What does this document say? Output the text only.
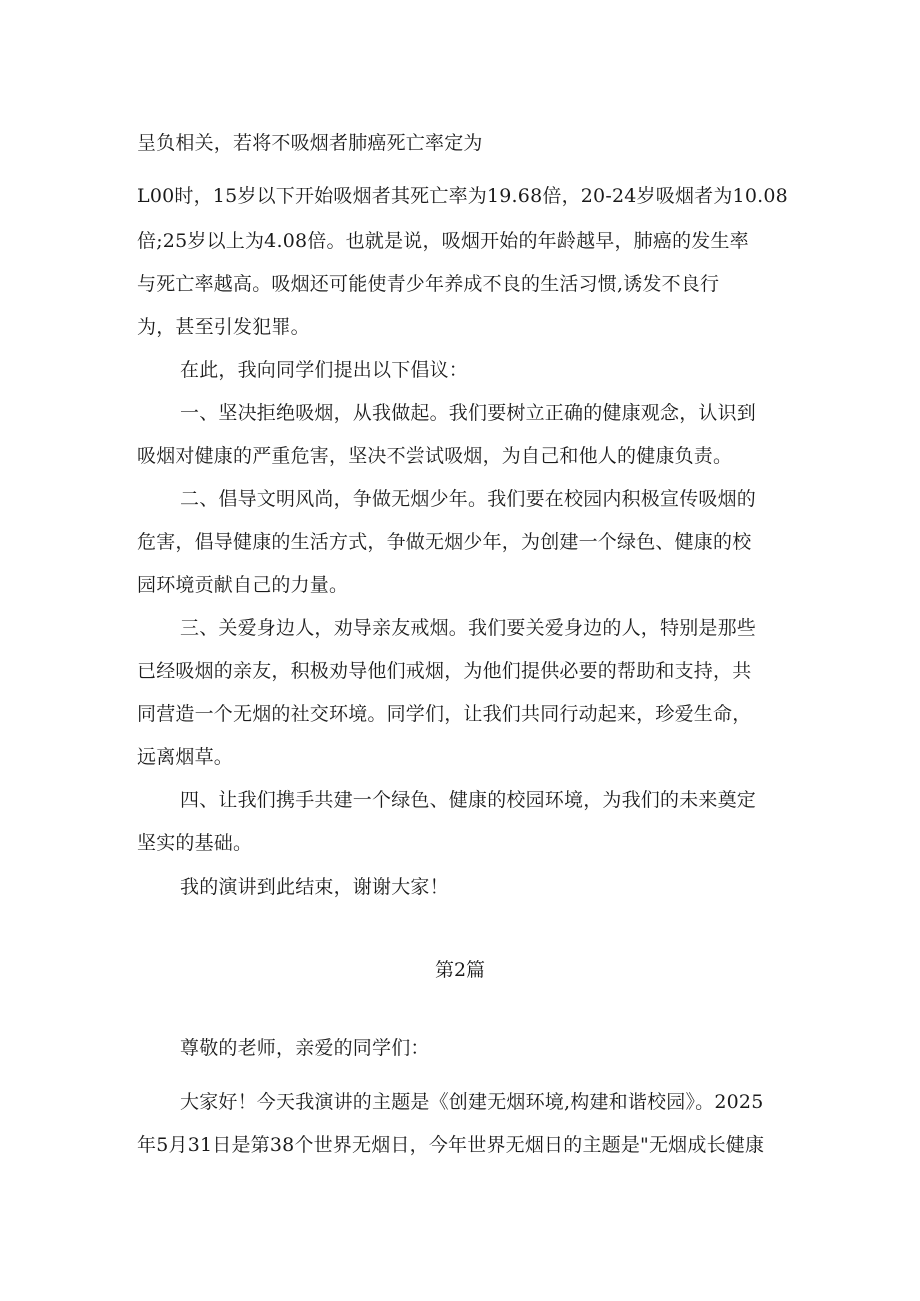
呈负相关，若将不吸烟者肺癌死亡率定为
L00时，15岁以下开始吸烟者其死亡率为19.68倍，20-24岁吸烟者为10.08
倍;25岁以上为4.08倍。也就是说，吸烟开始的年龄越早，肺癌的发生率
与死亡率越高。吸烟还可能使青少年养成不良的生活习惯,诱发不良行
为，甚至引发犯罪。
在此，我向同学们提出以下倡议：
一、坚决拒绝吸烟，从我做起。我们要树立正确的健康观念，认识到
吸烟对健康的严重危害，坚决不尝试吸烟，为自己和他人的健康负责。
二、倡导文明风尚，争做无烟少年。我们要在校园内积极宣传吸烟的
危害，倡导健康的生活方式，争做无烟少年，为创建一个绿色、健康的校
园环境贡献自己的力量。
三、关爱身边人，劝导亲友戒烟。我们要关爱身边的人，特别是那些
已经吸烟的亲友，积极劝导他们戒烟，为他们提供必要的帮助和支持，共
同营造一个无烟的社交环境。同学们，让我们共同行动起来，珍爱生命，
远离烟草。
四、让我们携手共建一个绿色、健康的校园环境，为我们的未来奠定
坚实的基础。
我的演讲到此结束，谢谢大家！
第2篇
尊敬的老师，亲爱的同学们：
大家好！今天我演讲的主题是《创建无烟环境,构建和谐校园》。2025
年5月31日是第38个世界无烟日，今年世界无烟日的主题是"无烟成长健康
